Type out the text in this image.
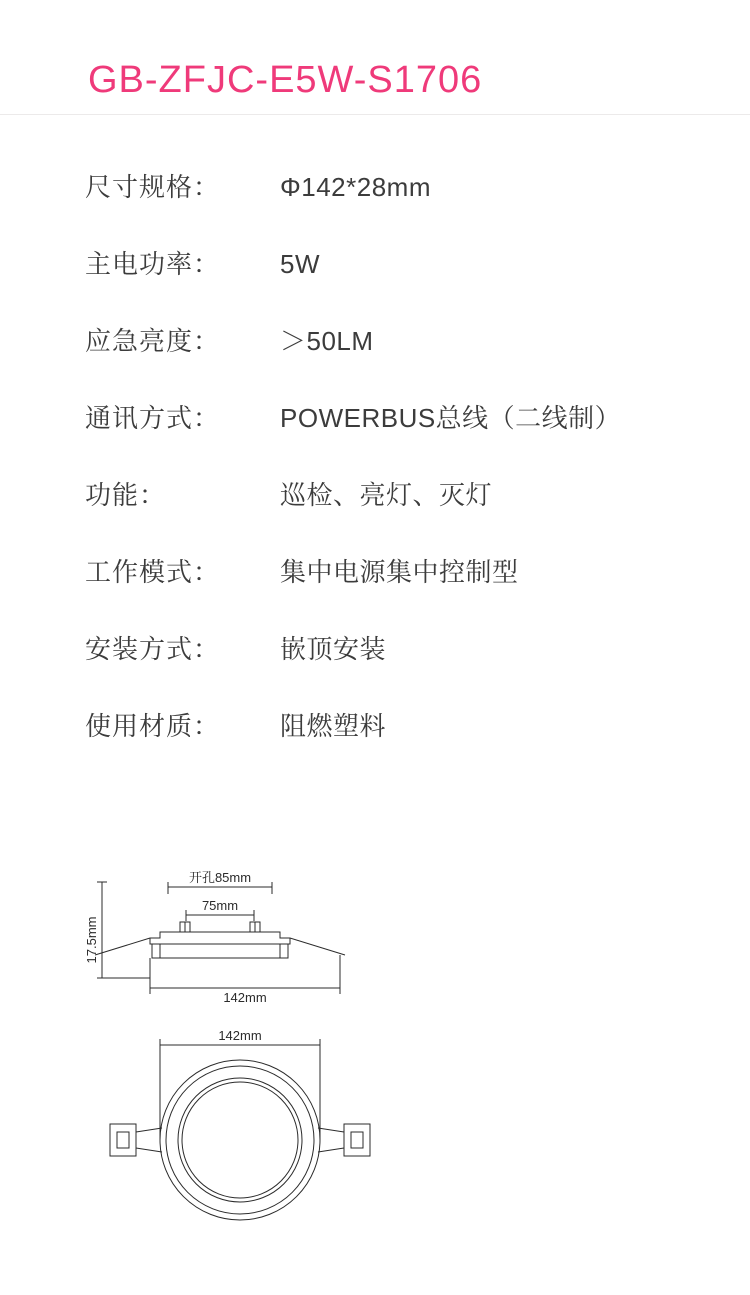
GB-ZFJC-E5W-S1706
尺寸规格：	Φ142*28mm
主电功率：	5W
应急亮度：	＞50LM
通讯方式：	POWERBUS总线（二线制）
功能：	巡检、亮灯、灭灯
工作模式：	集中电源集中控制型
安装方式：	嵌顶安装
使用材质：	阻燃塑料
17.5mm
开孔85mm
75mm
142mm
142mm
